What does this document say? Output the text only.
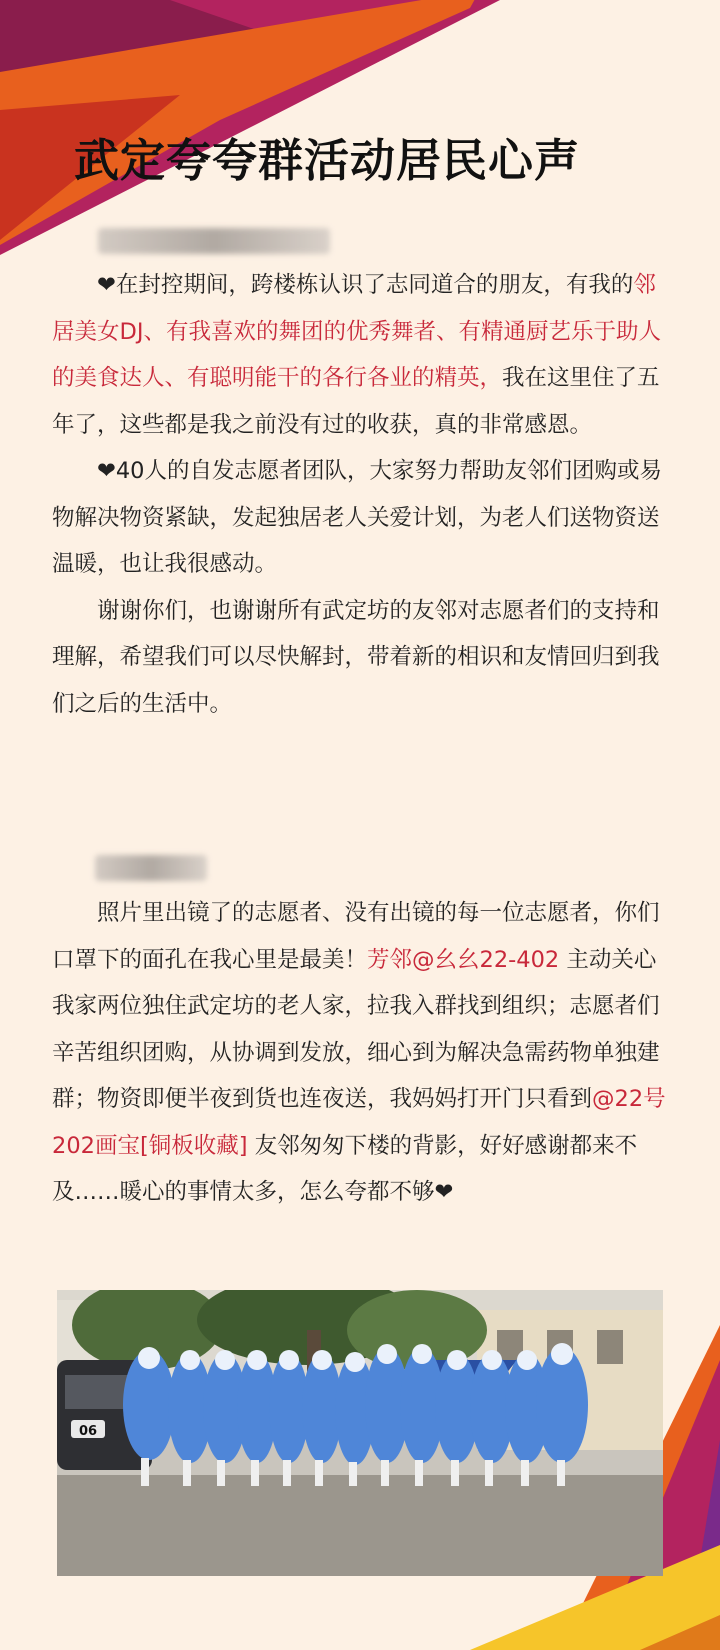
武定夸夸群活动居民心声

❤在封控期间，跨楼栋认识了志同道合的朋友，有我的邻居美女DJ、有我喜欢的舞团的优秀舞者、有精通厨艺乐于助人的美食达人、有聪明能干的各行各业的精英，我在这里住了五年了，这些都是我之前没有过的收获，真的非常感恩。

❤40人的自发志愿者团队，大家努力帮助友邻们团购或易物解决物资紧缺，发起独居老人关爱计划，为老人们送物资送温暖，也让我很感动。

谢谢你们，也谢谢所有武定坊的友邻对志愿者们的支持和理解，希望我们可以尽快解封，带着新的相识和友情回归到我们之后的生活中。

照片里出镜了的志愿者、没有出镜的每一位志愿者，你们口罩下的面孔在我心里是最美！芳邻@幺幺22-402 主动关心我家两位独住武定坊的老人家，拉我入群找到组织；志愿者们辛苦组织团购，从协调到发放，细心到为解决急需药物单独建群；物资即便半夜到货也连夜送，我妈妈打开门只看到@22号202画宝[铜板收藏] 友邻匆匆下楼的背影，好好感谢都来不及……暖心的事情太多，怎么夸都不够❤

06
